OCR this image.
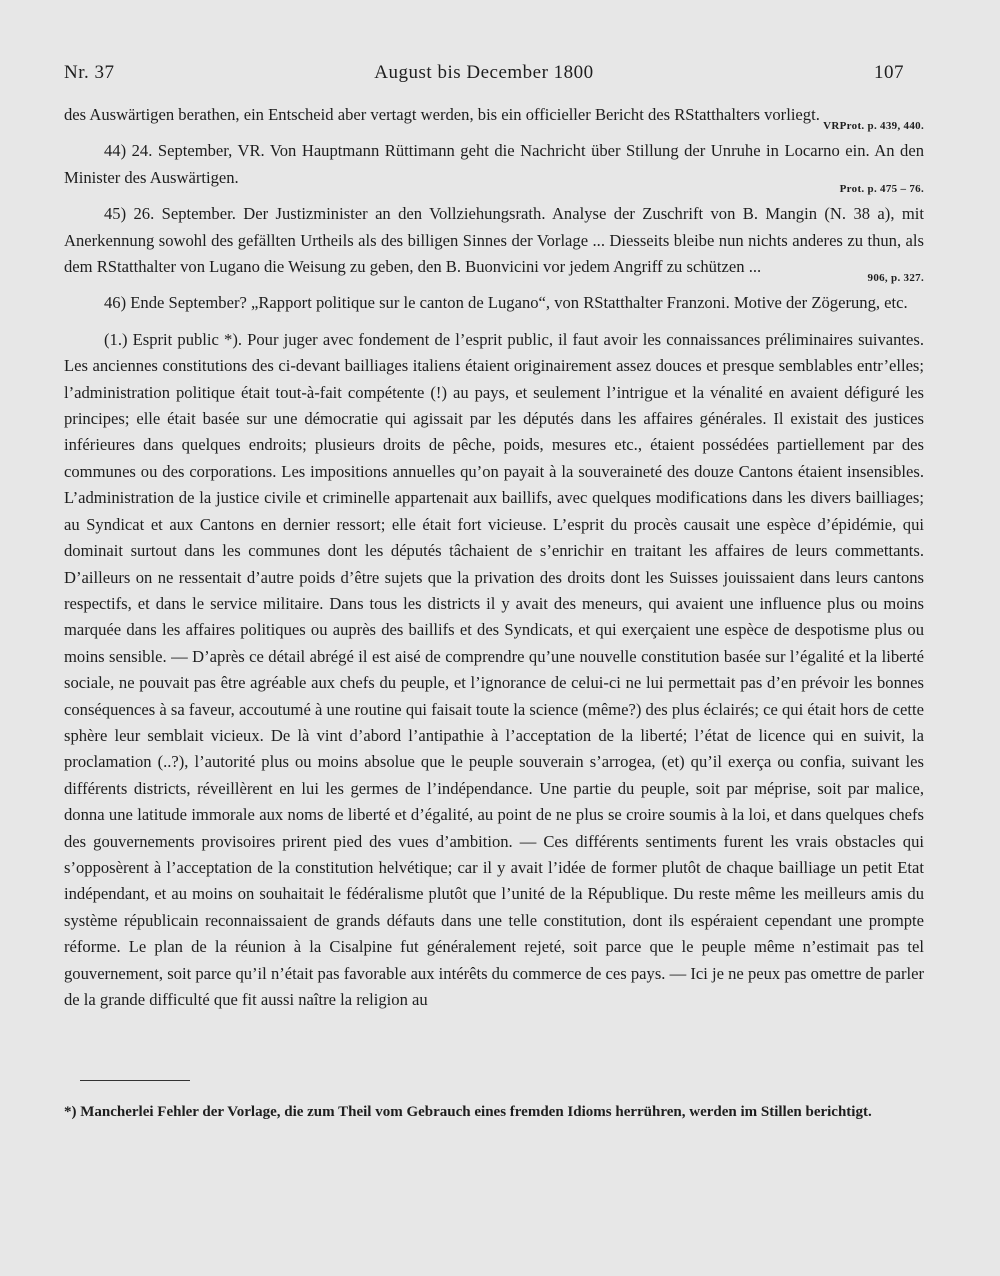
Nr. 37	August bis December 1800	107

des Auswärtigen berathen, ein Entscheid aber vertagt werden, bis ein officieller Bericht des RStatthalters vorliegt.

VRProt. p. 439, 440.

44) 24. September, VR. Von Hauptmann Rüttimann geht die Nachricht über Stillung der Unruhe in Locarno ein. An den Minister des Auswärtigen.

Prot. p. 475 – 76.

45) 26. September. Der Justizminister an den Vollziehungsrath. Analyse der Zuschrift von B. Mangin (N. 38 a), mit Anerkennung sowohl des gefällten Urtheils als des billigen Sinnes der Vorlage ... Diesseits bleibe nun nichts anderes zu thun, als dem RStatthalter von Lugano die Weisung zu geben, den B. Buonvicini vor jedem Angriff zu schützen ...

906, p. 327.

46) Ende September? „Rapport politique sur le canton de Lugano“, von RStatthalter Franzoni. Motive der Zögerung, etc.

(1.) Esprit public *). Pour juger avec fondement de l’esprit public, il faut avoir les connaissances préliminaires suivantes. Les anciennes constitutions des ci-devant bailliages italiens étaient originairement assez douces et presque semblables entr’elles; l’administration politique était tout-à-fait compétente (!) au pays, et seulement l’intrigue et la vénalité en avaient défiguré les principes; elle était basée sur une démocratie qui agissait par les députés dans les affaires générales. Il existait des justices inférieures dans quelques endroits; plusieurs droits de pêche, poids, mesures etc., étaient possédées partiellement par des communes ou des corporations. Les impositions annuelles qu’on payait à la souveraineté des douze Cantons étaient insensibles. L’administration de la justice civile et criminelle appartenait aux baillifs, avec quelques modifications dans les divers bailliages; au Syndicat et aux Cantons en dernier ressort; elle était fort vicieuse. L’esprit du procès causait une espèce d’épidémie, qui dominait surtout dans les communes dont les députés tâchaient de s’enrichir en traitant les affaires de leurs commettants. D’ailleurs on ne ressentait d’autre poids d’être sujets que la privation des droits dont les Suisses jouissaient dans leurs cantons respectifs, et dans le service militaire. Dans tous les districts il y avait des meneurs, qui avaient une influence plus ou moins marquée dans les affaires politiques ou auprès des baillifs et des Syndicats, et qui exerçaient une espèce de despotisme plus ou moins sensible. — D’après ce détail abrégé il est aisé de comprendre qu’une nouvelle constitution basée sur l’égalité et la liberté sociale, ne pouvait pas être agréable aux chefs du peuple, et l’ignorance de celui-ci ne lui permettait pas d’en prévoir les bonnes conséquences à sa faveur, accoutumé à une routine qui faisait toute la science (même?) des plus éclairés; ce qui était hors de cette sphère leur semblait vicieux. De là vint d’abord l’antipathie à l’acceptation de la liberté; l’état de licence qui en suivit, la proclamation (..?), l’autorité plus ou moins absolue que le peuple souverain s’arrogea, (et) qu’il exerça ou confia, suivant les différents districts, réveillèrent en lui les germes de l’indépendance. Une partie du peuple, soit par méprise, soit par malice, donna une latitude immorale aux noms de liberté et d’égalité, au point de ne plus se croire soumis à la loi, et dans quelques chefs des gouvernements provisoires prirent pied des vues d’ambition. — Ces différents sentiments furent les vrais obstacles qui s’opposèrent à l’acceptation de la constitution helvétique; car il y avait l’idée de former plutôt de chaque bailliage un petit Etat indépendant, et au moins on souhaitait le fédéralisme plutôt que l’unité de la République. Du reste même les meilleurs amis du système républicain reconnaissaient de grands défauts dans une telle constitution, dont ils espéraient cependant une prompte réforme. Le plan de la réunion à la Cisalpine fut généralement rejeté, soit parce que le peuple même n’estimait pas tel gouvernement, soit parce qu’il n’était pas favorable aux intérêts du commerce de ces pays. — Ici je ne peux pas omettre de parler de la grande difficulté que fit aussi naître la religion au

*) Mancherlei Fehler der Vorlage, die zum Theil vom Gebrauch eines fremden Idioms herrühren, werden im Stillen berichtigt.
